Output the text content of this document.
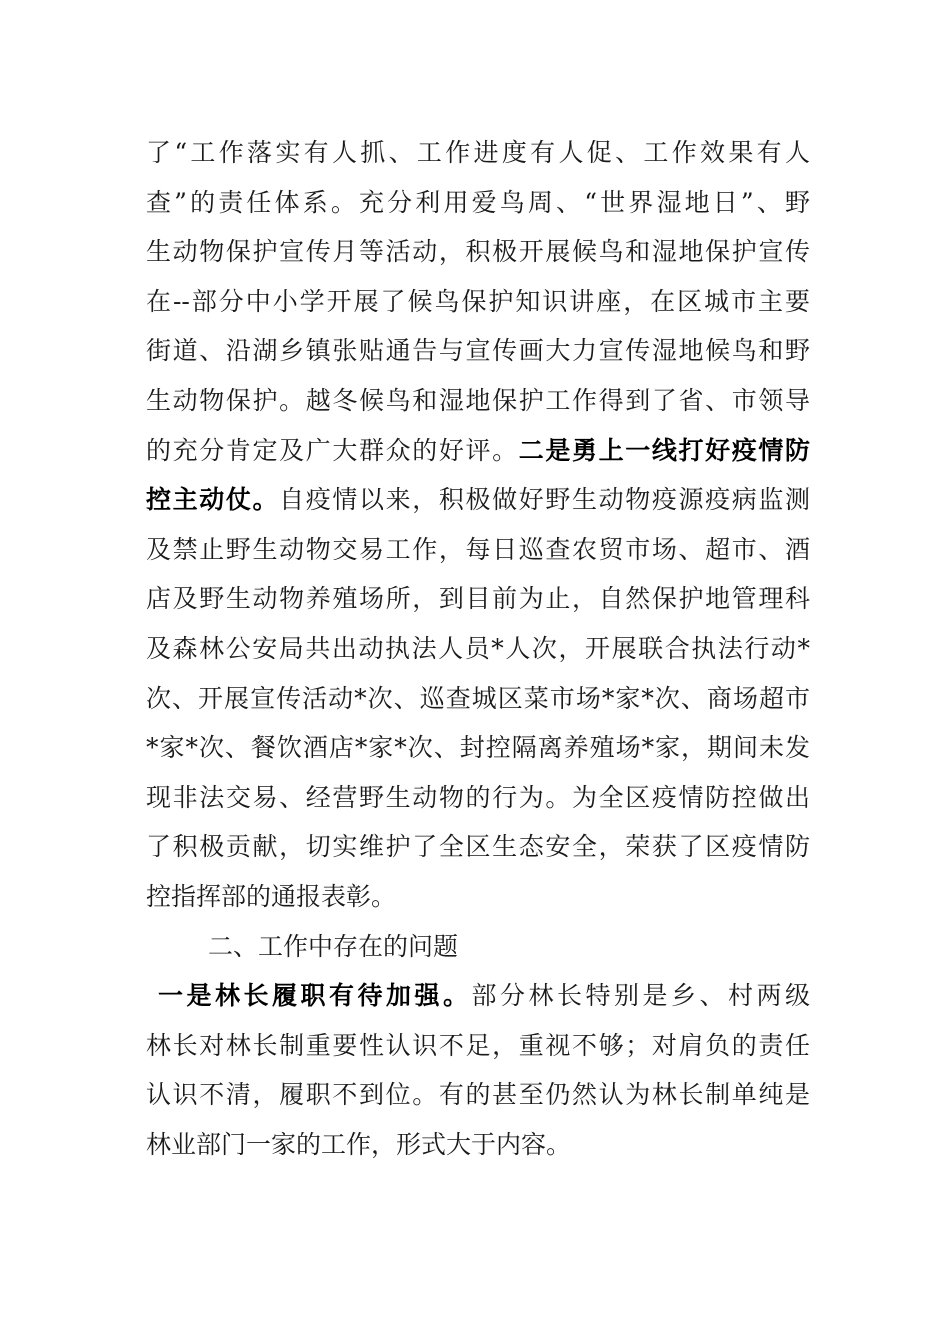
了“工作落实有人抓、工作进度有人促、工作效果有人
查”的责任体系。充分利用爱鸟周、“世界湿地日”、野
生动物保护宣传月等活动，积极开展候鸟和湿地保护宣传
在--部分中小学开展了候鸟保护知识讲座，在区城市主要
街道、沿湖乡镇张贴通告与宣传画大力宣传湿地候鸟和野
生动物保护。越冬候鸟和湿地保护工作得到了省、市领导
的充分肯定及广大群众的好评。二是勇上一线打好疫情防
控主动仗。自疫情以来，积极做好野生动物疫源疫病监测
及禁止野生动物交易工作，每日巡查农贸市场、超市、酒
店及野生动物养殖场所，到目前为止，自然保护地管理科
及森林公安局共出动执法人员*人次，开展联合执法行动*
次、开展宣传活动*次、巡查城区菜市场*家*次、商场超市
*家*次、餐饮酒店*家*次、封控隔离养殖场*家，期间未发
现非法交易、经营野生动物的行为。为全区疫情防控做出
了积极贡献，切实维护了全区生态安全，荣获了区疫情防
控指挥部的通报表彰。
二、工作中存在的问题
一是林长履职有待加强。部分林长特别是乡、村两级
林长对林长制重要性认识不足，重视不够；对肩负的责任
认识不清，履职不到位。有的甚至仍然认为林长制单纯是
林业部门一家的工作，形式大于内容。
